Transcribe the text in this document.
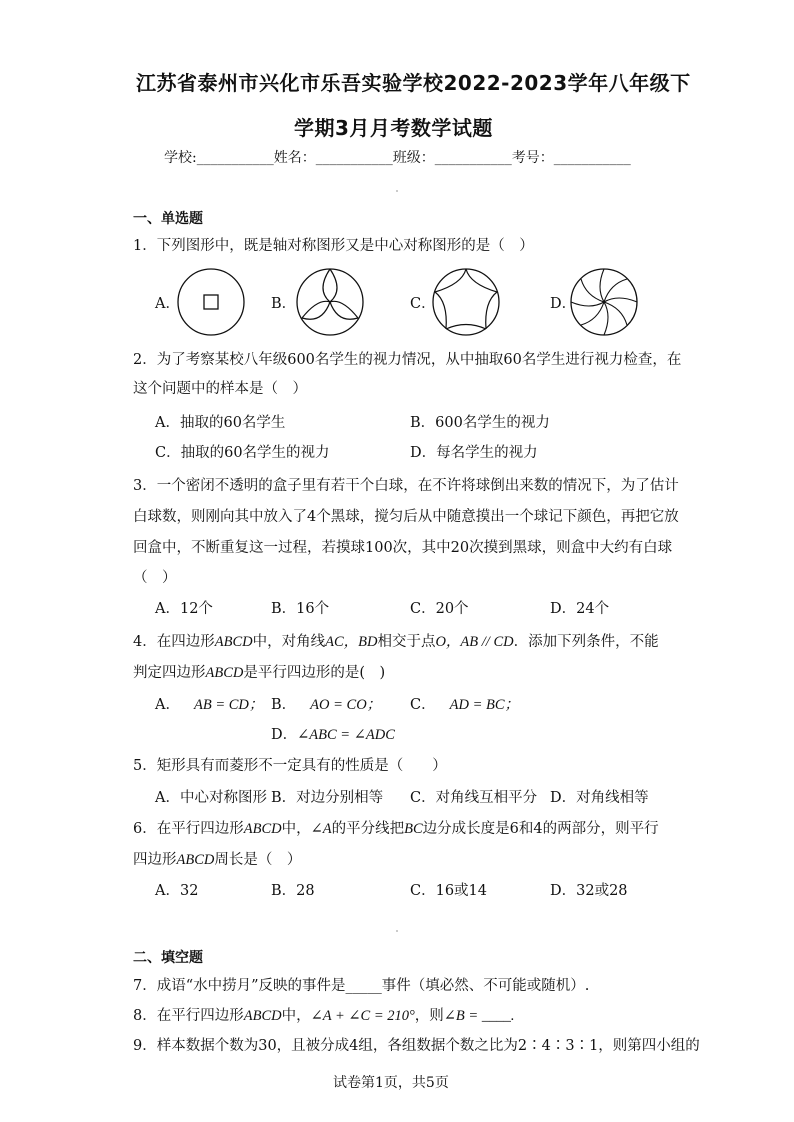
江苏省泰州市兴化市乐吾实验学校2022-2023学年八年级下
学期3月月考数学试题
学校:___________姓名：___________班级：___________考号：___________
一、单选题
1．下列图形中，既是轴对称图形又是中心对称图形的是（　）
A．	B．	C．	D．
2．为了考察某校八年级600名学生的视力情况，从中抽取60名学生进行视力检查，在
这个问题中的样本是（　）
A．抽取的60名学生	B．600名学生的视力
C．抽取的60名学生的视力	D．每名学生的视力
3．一个密闭不透明的盒子里有若干个白球，在不许将球倒出来数的情况下，为了估计
白球数，则刚向其中放入了4个黑球，搅匀后从中随意摸出一个球记下颜色，再把它放
回盒中，不断重复这一过程，若摸球100次，其中20次摸到黑球，则盒中大约有白球
（　）
A．12个	B．16个	C．20个	D．24个
4．在四边形ABCD中，对角线AC，BD相交于点O，AB // CD．添加下列条件，不能
判定四边形ABCD是平行四边形的是(　)
A． AB = CD； B． AO = CO； C． AD = BC；
D．∠ABC = ∠ADC
5．矩形具有而菱形不一定具有的性质是（　　）
A．中心对称图形 B．对边分别相等 C．对角线互相平分 D．对角线相等
6．在平行四边形ABCD中，∠A的平分线把BC边分成长度是6和4的两部分，则平行
四边形ABCD周长是（　）
A．32	B．28	C．16或14	D．32或28
二、填空题
7．成语“水中捞月”反映的事件是_____事件（填必然、不可能或随机）.
8．在平行四边形ABCD中，∠A + ∠C = 210°，则∠B = ____.
9．样本数据个数为30，且被分成4组，各组数据个数之比为2∶4∶3∶1，则第四小组的
试卷第1页，共5页
